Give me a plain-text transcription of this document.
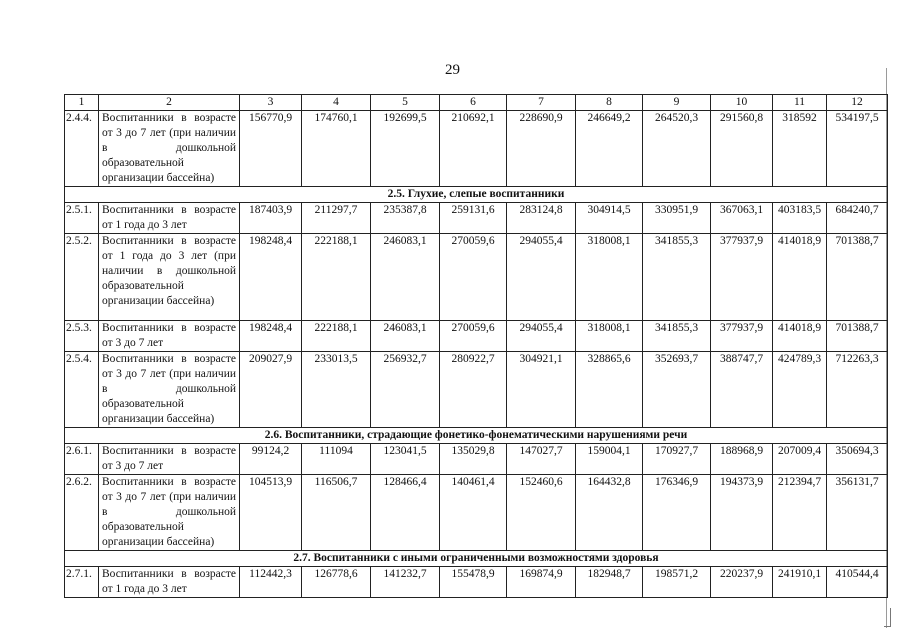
29
1	2	3	4	5	6	7	8	9	10	11	12
2.4.4.	Воспитанники в возрасте от 3 до 7 лет (при наличии в дошкольной образовательной организации бассейна)	156770,9	174760,1	192699,5	210692,1	228690,9	246649,2	264520,3	291560,8	318592	534197,5
2.5. Глухие, слепые воспитанники											
2.5.1.	Воспитанники в возрасте от 1 года до 3 лет	187403,9	211297,7	235387,8	259131,6	283124,8	304914,5	330951,9	367063,1	403183,5	684240,7
2.5.2.	Воспитанники в возрасте от 1 года до 3 лет (при наличии в дошкольной образовательной организации бассейна)	198248,4	222188,1	246083,1	270059,6	294055,4	318008,1	341855,3	377937,9	414018,9	701388,7
2.5.3.	Воспитанники в возрасте от 3 до 7 лет	198248,4	222188,1	246083,1	270059,6	294055,4	318008,1	341855,3	377937,9	414018,9	701388,7
2.5.4.	Воспитанники в возрасте от 3 до 7 лет (при наличии в дошкольной образовательной организации бассейна)	209027,9	233013,5	256932,7	280922,7	304921,1	328865,6	352693,7	388747,7	424789,3	712263,3
2.6. Воспитанники, страдающие фонетико-фонематическими нарушениями речи											
2.6.1.	Воспитанники в возрасте от 3 до 7 лет	99124,2	111094	123041,5	135029,8	147027,7	159004,1	170927,7	188968,9	207009,4	350694,3
2.6.2.	Воспитанники в возрасте от 3 до 7 лет (при наличии в дошкольной образовательной организации бассейна)	104513,9	116506,7	128466,4	140461,4	152460,6	164432,8	176346,9	194373,9	212394,7	356131,7
2.7. Воспитанники с иными ограниченными возможностями здоровья											
2.7.1.	Воспитанники в возрасте от 1 года до 3 лет	112442,3	126778,6	141232,7	155478,9	169874,9	182948,7	198571,2	220237,9	241910,1	410544,4
